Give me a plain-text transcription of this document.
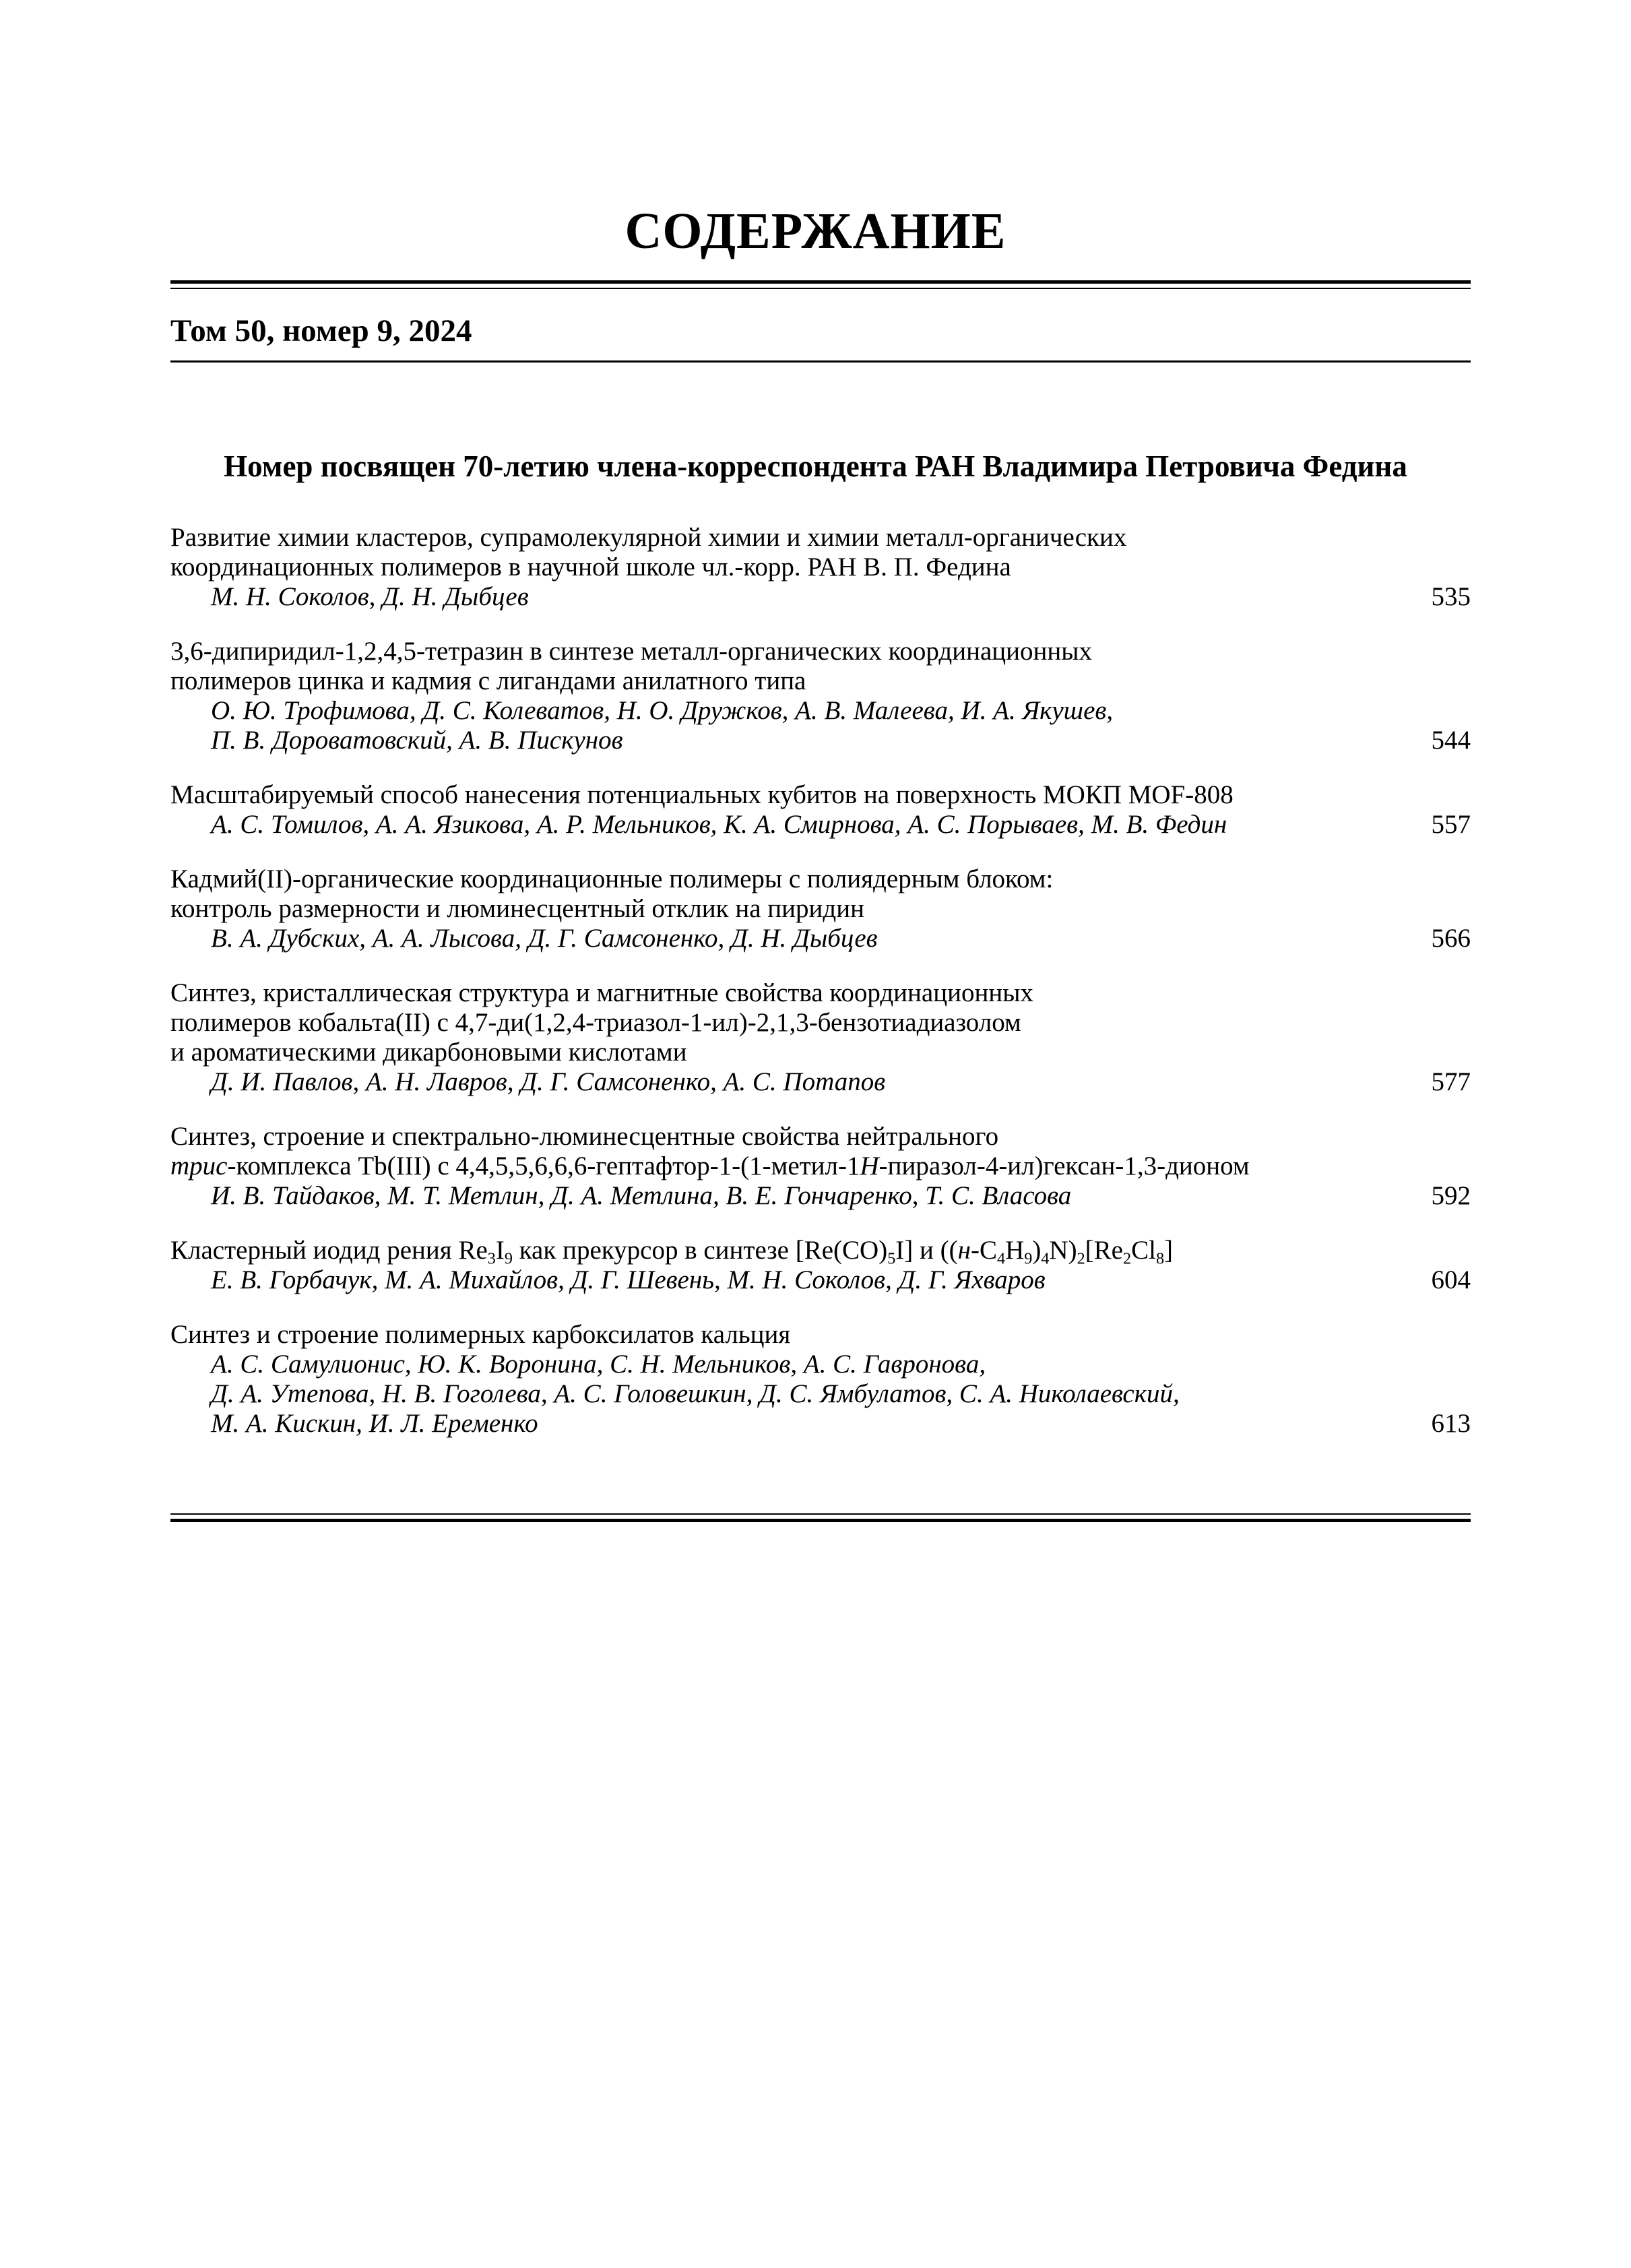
СОДЕРЖАНИЕ
Том 50, номер 9, 2024
Номер посвящен 70-летию члена-корреспондента РАН Владимира Петровича Федина
Развитие химии кластеров, супрамолекулярной химии и химии металл-органических
координационных полимеров в научной школе чл.-корр. РАН В. П. Федина
М. Н. Соколов, Д. Н. Дыбцев	535
3,6-дипиридил-1,2,4,5-тетразин в синтезе металл-органических координационных
полимеров цинка и кадмия с лигандами анилатного типа
О. Ю. Трофимова, Д. С. Колеватов, Н. О. Дружков, А. В. Малеева, И. А. Якушев,
П. В. Дороватовский, А. В. Пискунов	544
Масштабируемый способ нанесения потенциальных кубитов на поверхность МОКП MOF-808
А. С. Томилов, А. А. Язикова, А. Р. Мельников, К. А. Смирнова, А. С. Порываев, М. В. Федин	557
Кадмий(II)-органические координационные полимеры с полиядерным блоком:
контроль размерности и люминесцентный отклик на пиридин
В. А. Дубских, А. А. Лысова, Д. Г. Самсоненко, Д. Н. Дыбцев	566
Синтез, кристаллическая структура и магнитные свойства координационных
полимеров кобальта(II) с 4,7-ди(1,2,4-триазол-1-ил)-2,1,3-бензотиадиазолом
и ароматическими дикарбоновыми кислотами
Д. И. Павлов, А. Н. Лавров, Д. Г. Самсоненко, А. С. Потапов	577
Синтез, строение и спектрально-люминесцентные свойства нейтрального
трис-комплекса Tb(III) с 4,4,5,5,6,6,6-гептафтор-1-(1-метил-1H-пиразол-4-ил)гексан-1,3-дионом
И. В. Тайдаков, М. Т. Метлин, Д. А. Метлина, В. Е. Гончаренко, Т. С. Власова	592
Кластерный иодид рения $Re_3I_9$ как прекурсор в синтезе $[Re(CO)_5I]$ и $((н-C_4H_9)_4N)_2[Re_2Cl_8]$
Е. В. Горбачук, М. А. Михайлов, Д. Г. Шевень, М. Н. Соколов, Д. Г. Яхваров	604
Синтез и строение полимерных карбоксилатов кальция
А. С. Самулионис, Ю. К. Воронина, С. Н. Мельников, А. С. Гавронова,
Д. А. Утепова, Н. В. Гоголева, А. С. Головешкин, Д. С. Ямбулатов, С. А. Николаевский,
М. А. Кискин, И. Л. Еременко	613
